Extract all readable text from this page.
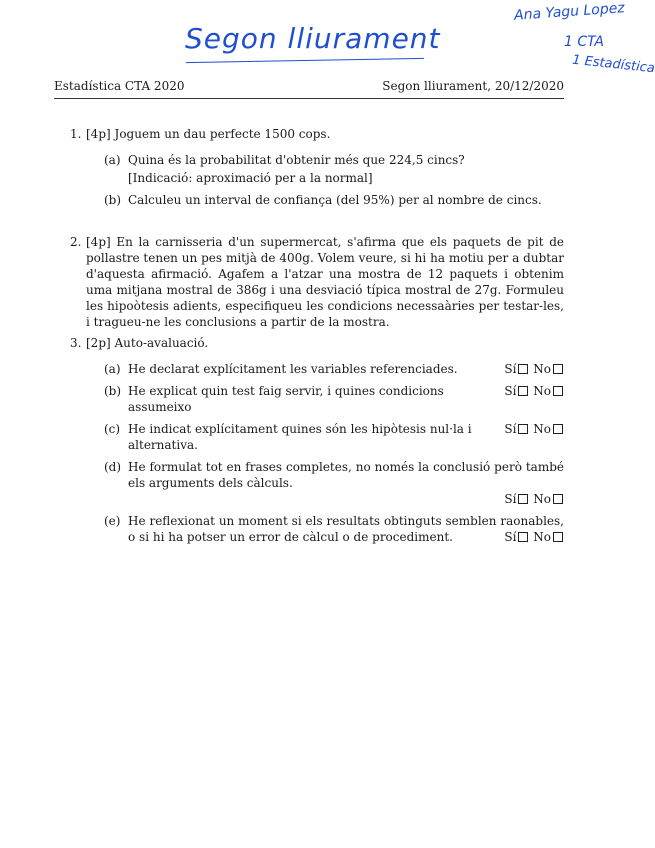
Segon lliurament
Ana Yagu Lopez
1 CTA
1 Estadística
Estadística CTA 2020	Segon lliurament, 20/12/2020
1. [4p] Joguem un dau perfecte 1500 cops.
(a) Quina és la probabilitat d'obtenir més que 224,5 cincs?
[Indicació: aproximació per a la normal]
(b) Calculeu un interval de confiança (del 95%) per al nombre de cincs.
2. [4p] En la carnisseria d'un supermercat, s'afirma que els paquets de pit de pollastre tenen un pes mitjà de 400g. Volem veure, si hi ha motiu per a dubtar d'aquesta afirmació. Agafem a l'atzar una mostra de 12 paquets i obtenim uma mitjana mostral de 386g i una desviació típica mostral de 27g. Formuleu les hipoòtesis adients, especifiqueu les condicions necessaàries per testar-les, i tragueu-ne les conclusions a partir de la mostra.
3. [2p] Auto-avaluació.
(a) He declarat explícitament les variables referenciades.	Sí No
(b) He explicat quin test faig servir, i quines condicions assumeixo
Sí No
(c) He indicat explícitament quines són les hipòtesis nul·la i alternativa.
Sí No
(d) He formulat tot en frases completes, no només la conclusió però també els arguments dels càlculs.
Sí No
(e) He reflexionat un moment si els resultats obtinguts semblen raonables, o si hi ha potser un error de càlcul o de procediment.	Sí No
